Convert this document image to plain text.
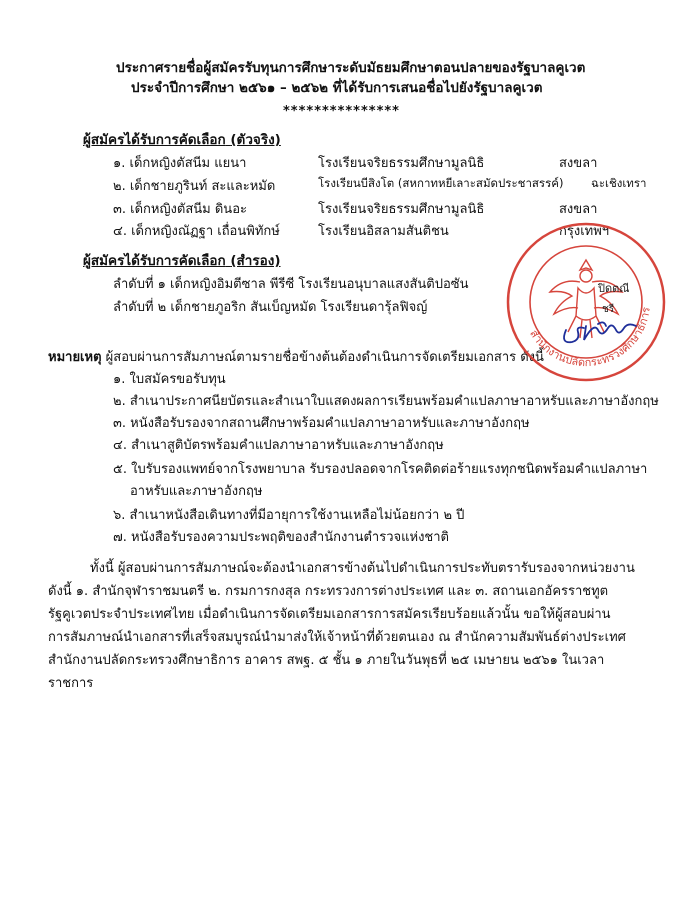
ประกาศรายชื่อผู้สมัครรับทุนการศึกษาระดับมัธยมศึกษาตอนปลายของรัฐบาลคูเวต
ประจำปีการศึกษา ๒๕๖๑ – ๒๕๖๒ ที่ได้รับการเสนอชื่อไปยังรัฐบาลคูเวต
***************
ผู้สมัครได้รับการคัดเลือก (ตัวจริง)
๑. เด็กหญิงตัสนีม แยนา	โรงเรียนจริยธรรมศึกษามูลนิธิ	สงขลา
๒. เด็กชายภูรินท์ สะและหมัด	โรงเรียนบีสิงโต (สหกาทหยีเลาะสมัดประชาสรรค์) ฉะเชิงเทรา
๓. เด็กหญิงตัสนีม ดินอะ	โรงเรียนจริยธรรมศึกษามูลนิธิ	สงขลา
๔. เด็กหญิงณัฏฐา เถื่อนพิทักษ์	โรงเรียนอิสลามสันติชน	กรุงเทพฯ
ผู้สมัครได้รับการคัดเลือก (สำรอง)
ลำดับที่ ๑ เด็กหญิงอิมตีซาล พีรีซี โรงเรียนอนุบาลแสงสันติปอซัน
ลำดับที่ ๒ เด็กชายภูอริก สันเบ็ญหมัด โรงเรียนดารุ้ลฟิจญ์
หมายเหตุ ผู้สอบผ่านการสัมภาษณ์ตามรายชื่อข้างต้นต้องดำเนินการจัดเตรียมเอกสาร ดังนี้
๑. ใบสมัครขอรับทุน
๒. สำเนาประกาศนียบัตรและสำเนาใบแสดงผลการเรียนพร้อมคำแปลภาษาอาหรับและภาษาอังกฤษ
๓. หนังสือรับรองจากสถานศึกษาพร้อมคำแปลภาษาอาหรับและภาษาอังกฤษ
๔. สำเนาสูติบัตรพร้อมคำแปลภาษาอาหรับและภาษาอังกฤษ
๕. ใบรับรองแพทย์จากโรงพยาบาล รับรองปลอดจากโรคติดต่อร้ายแรงทุกชนิดพร้อมคำแปลภาษา
อาหรับและภาษาอังกฤษ
๖. สำเนาหนังสือเดินทางที่มีอายุการใช้งานเหลือไม่น้อยกว่า ๒ ปี
๗. หนังสือรับรองความประพฤติของสำนักงานตำรวจแห่งชาติ
ทั้งนี้ ผู้สอบผ่านการสัมภาษณ์จะต้องนำเอกสารข้างต้นไปดำเนินการประทับตรารับรองจากหน่วยงาน
ดังนี้ ๑. สำนักจุฬาราชมนตรี ๒. กรมการกงสุล กระทรวงการต่างประเทศ และ ๓. สถานเอกอัครราชทูต
รัฐคูเวตประจำประเทศไทย เมื่อดำเนินการจัดเตรียมเอกสารการสมัครเรียบร้อยแล้วนั้น ขอให้ผู้สอบผ่าน
การสัมภาษณ์นำเอกสารที่เสร็จสมบูรณ์นำมาส่งให้เจ้าหน้าที่ด้วยตนเอง ณ สำนักความสัมพันธ์ต่างประเทศ
สำนักงานปลัดกระทรวงศึกษาธิการ อาคาร สพฐ. ๕ ชั้น ๑ ภายในวันพุธที่ ๒๕ เมษายน ๒๕๖๑ ในเวลา
ราชการ
สำนักงานปลัดกระทรวงศึกษาธิการ
ปิดตณี
ชรี
